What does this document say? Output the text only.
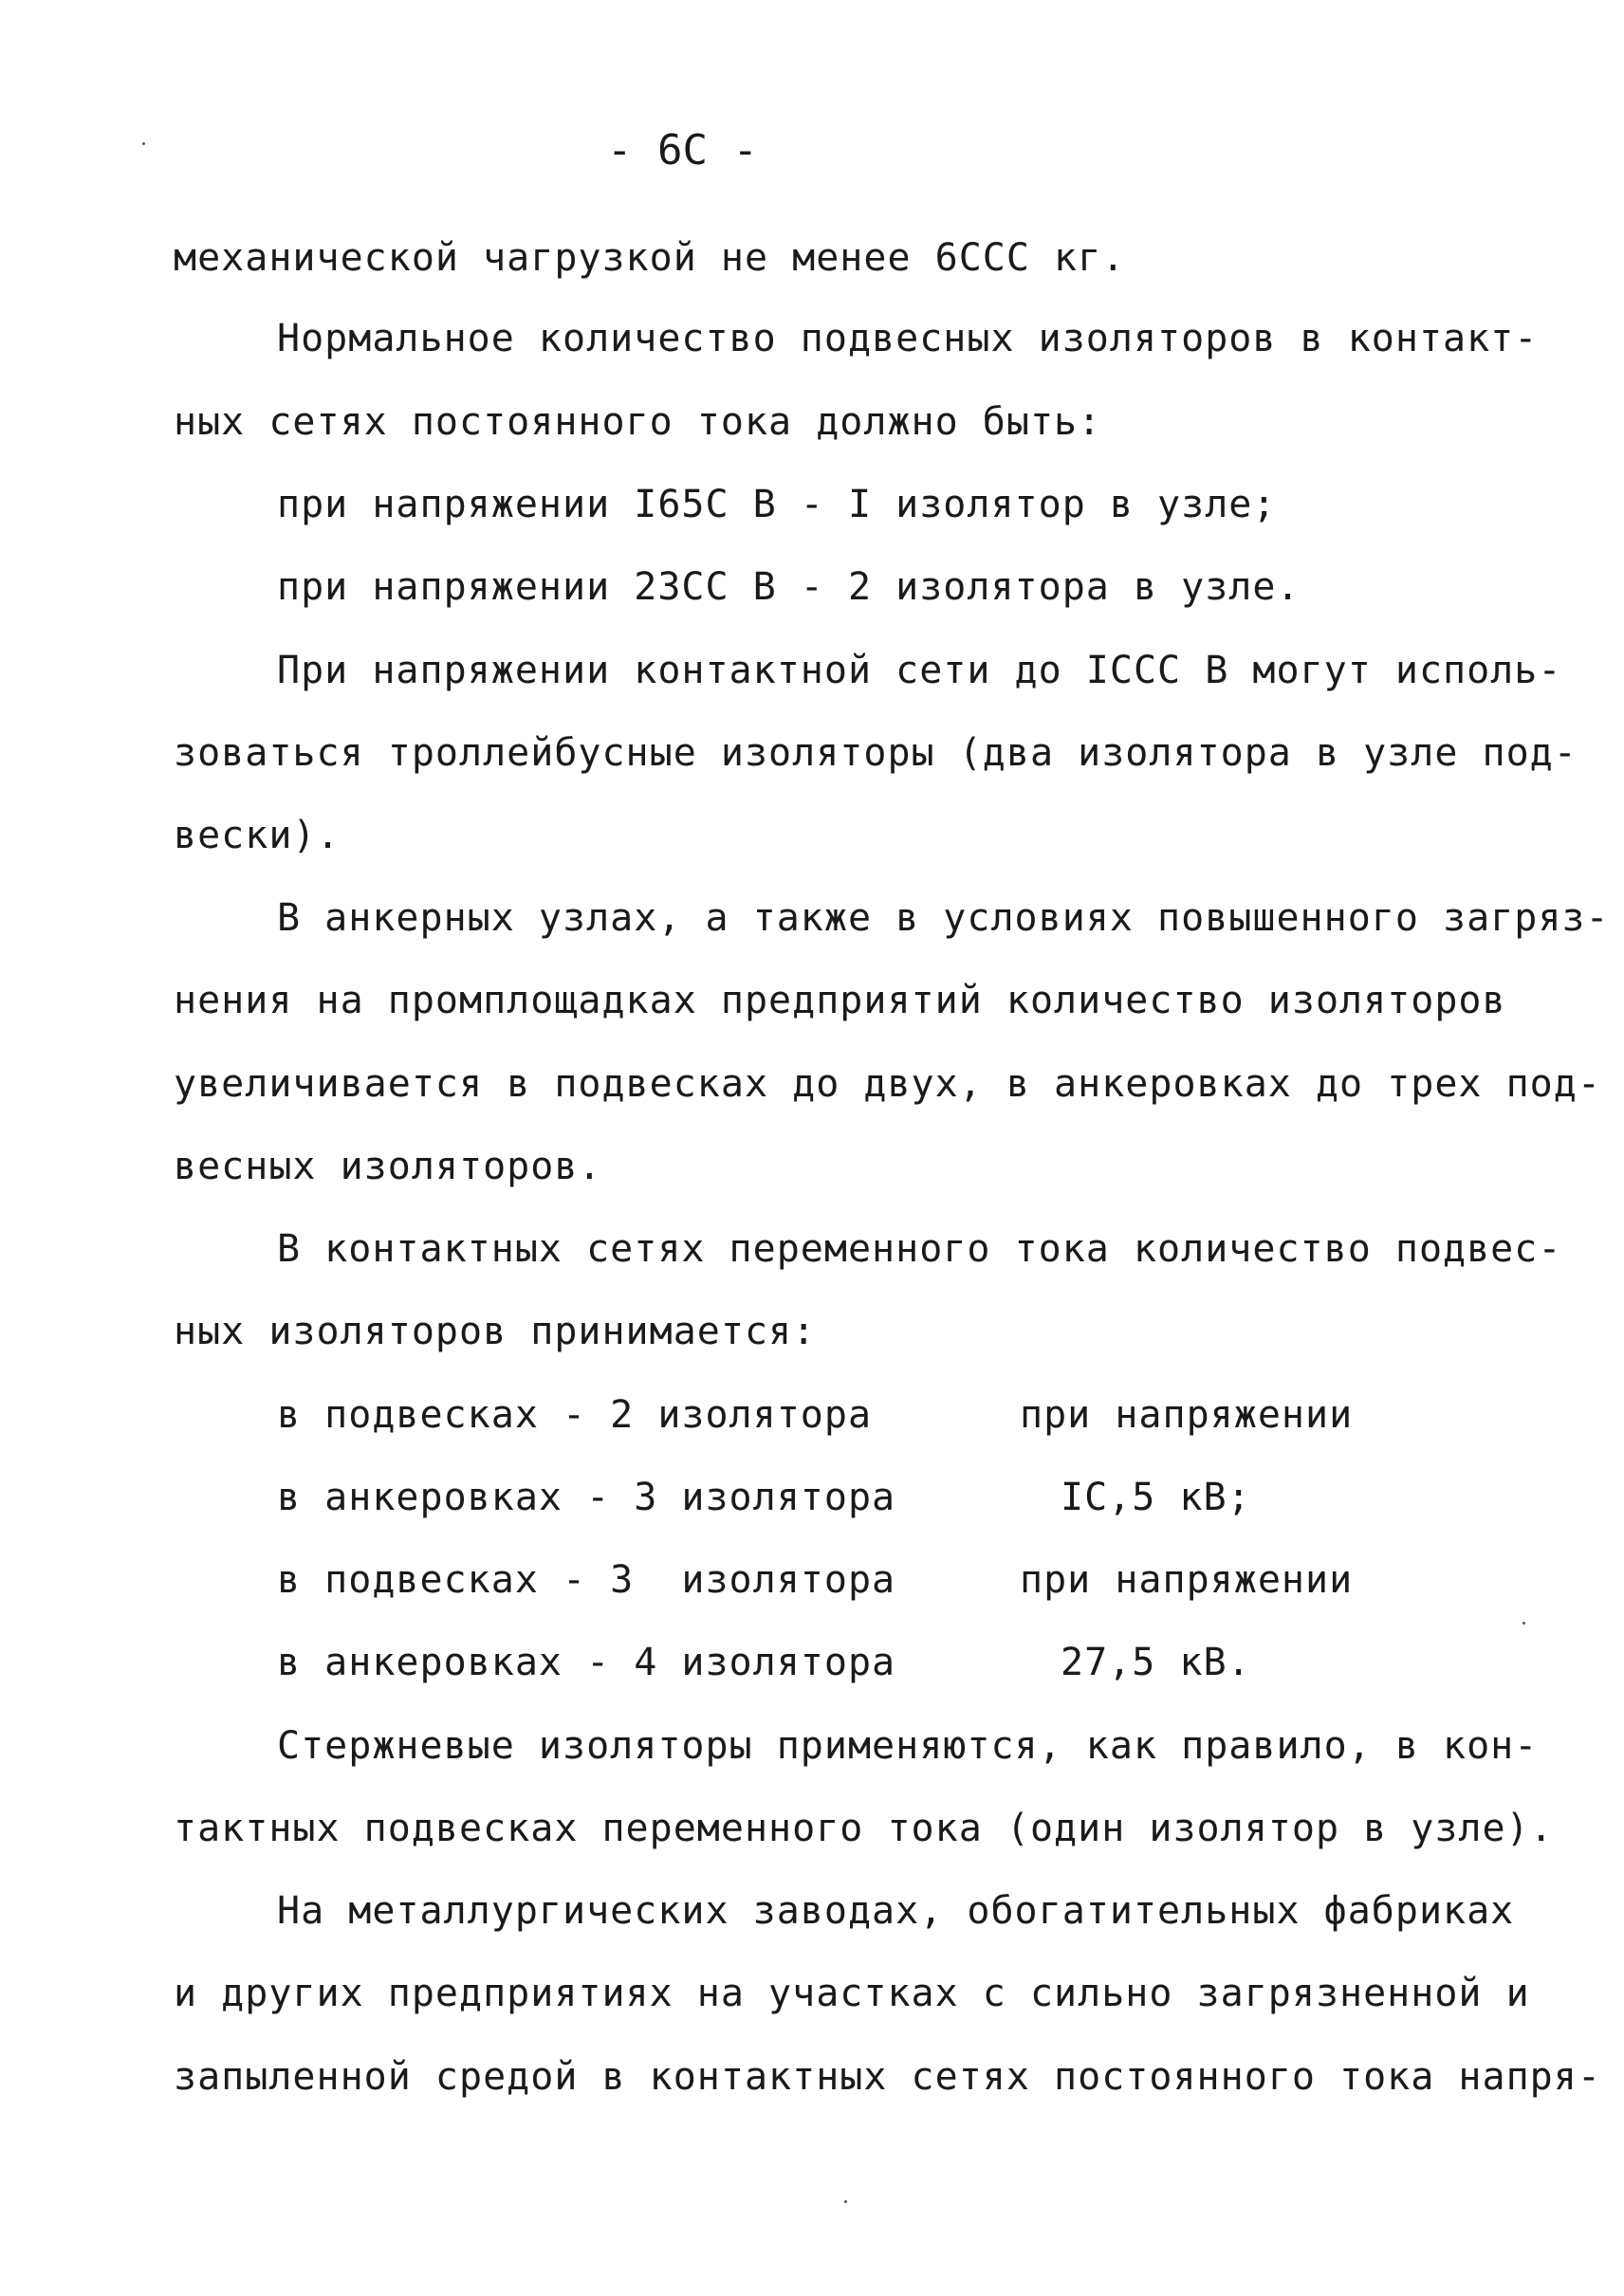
- 6C -
механической чагрузкой не менее 6ССС кг.
Нормальное количество подвесных изоляторов в контакт-
ных сетях постоянного тока должно быть:
при напряжении I65C В - I изолятор в узле;
при напряжении 23СС В - 2 изолятора в узле.
При напряжении контактной сети до IССС В могут исполь-
зоваться троллейбусные изоляторы (два изолятора в узле под-
вески).
В анкерных узлах, а также в условиях повышенного загряз-
нения на промплощадках предприятий количество изоляторов
увеличивается в подвесках до двух, в анкеровках до трех под-
весных изоляторов.
В контактных сетях переменного тока количество подвес-
ных изоляторов принимается:
в подвесках - 2 изолятора	при напряжении
в анкеровках - 3 изолятора	IC,5 кВ;
в подвесках - 3  изолятора	при напряжении
в анкеровках - 4 изолятора	27,5 кВ.
Стержневые изоляторы применяются, как правило, в кон-
тактных подвесках переменного тока (один изолятор в узле).
На металлургических заводах, обогатительных фабриках
и других предприятиях на участках с сильно загрязненной и
запыленной средой в контактных сетях постоянного тока напря-
